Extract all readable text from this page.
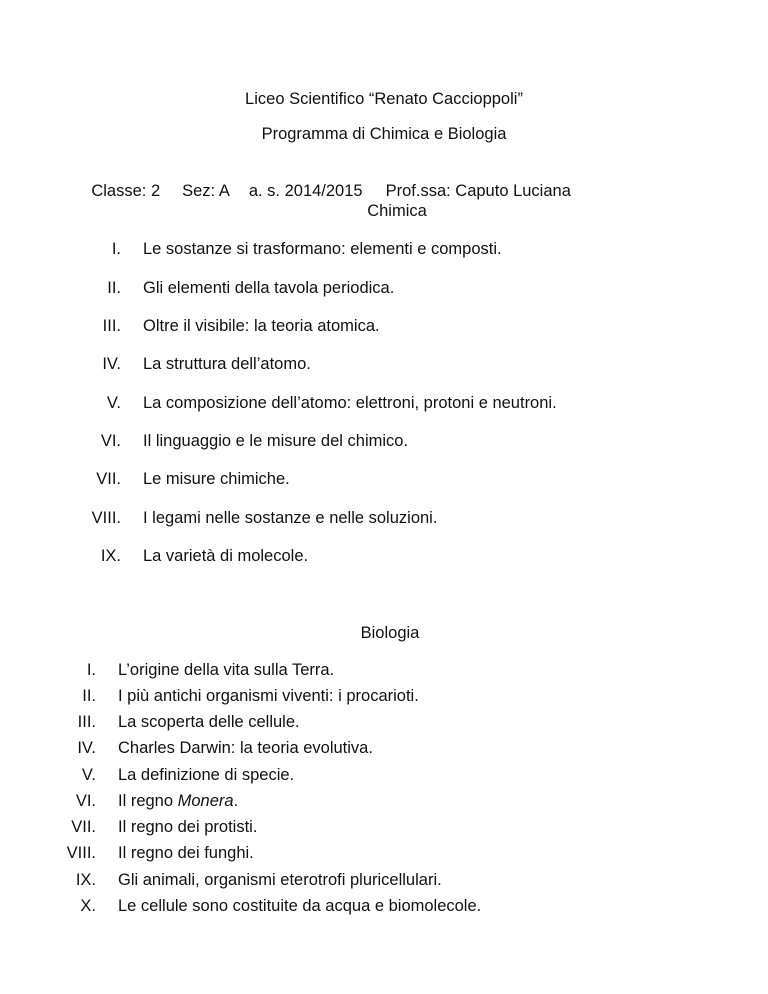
Liceo Scientifico “Renato Caccioppoli”
Programma di Chimica e Biologia

Classe: 2 Sez: A a. s. 2014/2015 Prof.ssa: Caputo Luciana

Chimica
I. Le sostanze si trasformano: elementi e composti.
II. Gli elementi della tavola periodica.
III. Oltre il visibile: la teoria atomica.
IV. La struttura dell’atomo.
V. La composizione dell’atomo: elettroni, protoni e neutroni.
VI. Il linguaggio e le misure del chimico.
VII. Le misure chimiche.
VIII. I legami nelle sostanze e nelle soluzioni.
IX. La varietà di molecole.
Biologia
I. L’origine della vita sulla Terra.
II. I più antichi organismi viventi: i procarioti.
III. La scoperta delle cellule.
IV. Charles Darwin: la teoria evolutiva.
V. La definizione di specie.
VI. Il regno Monera.
VII. Il regno dei protisti.
VIII. Il regno dei funghi.
IX. Gli animali, organismi eterotrofi pluricellulari.
X. Le cellule sono costituite da acqua e biomolecole.
